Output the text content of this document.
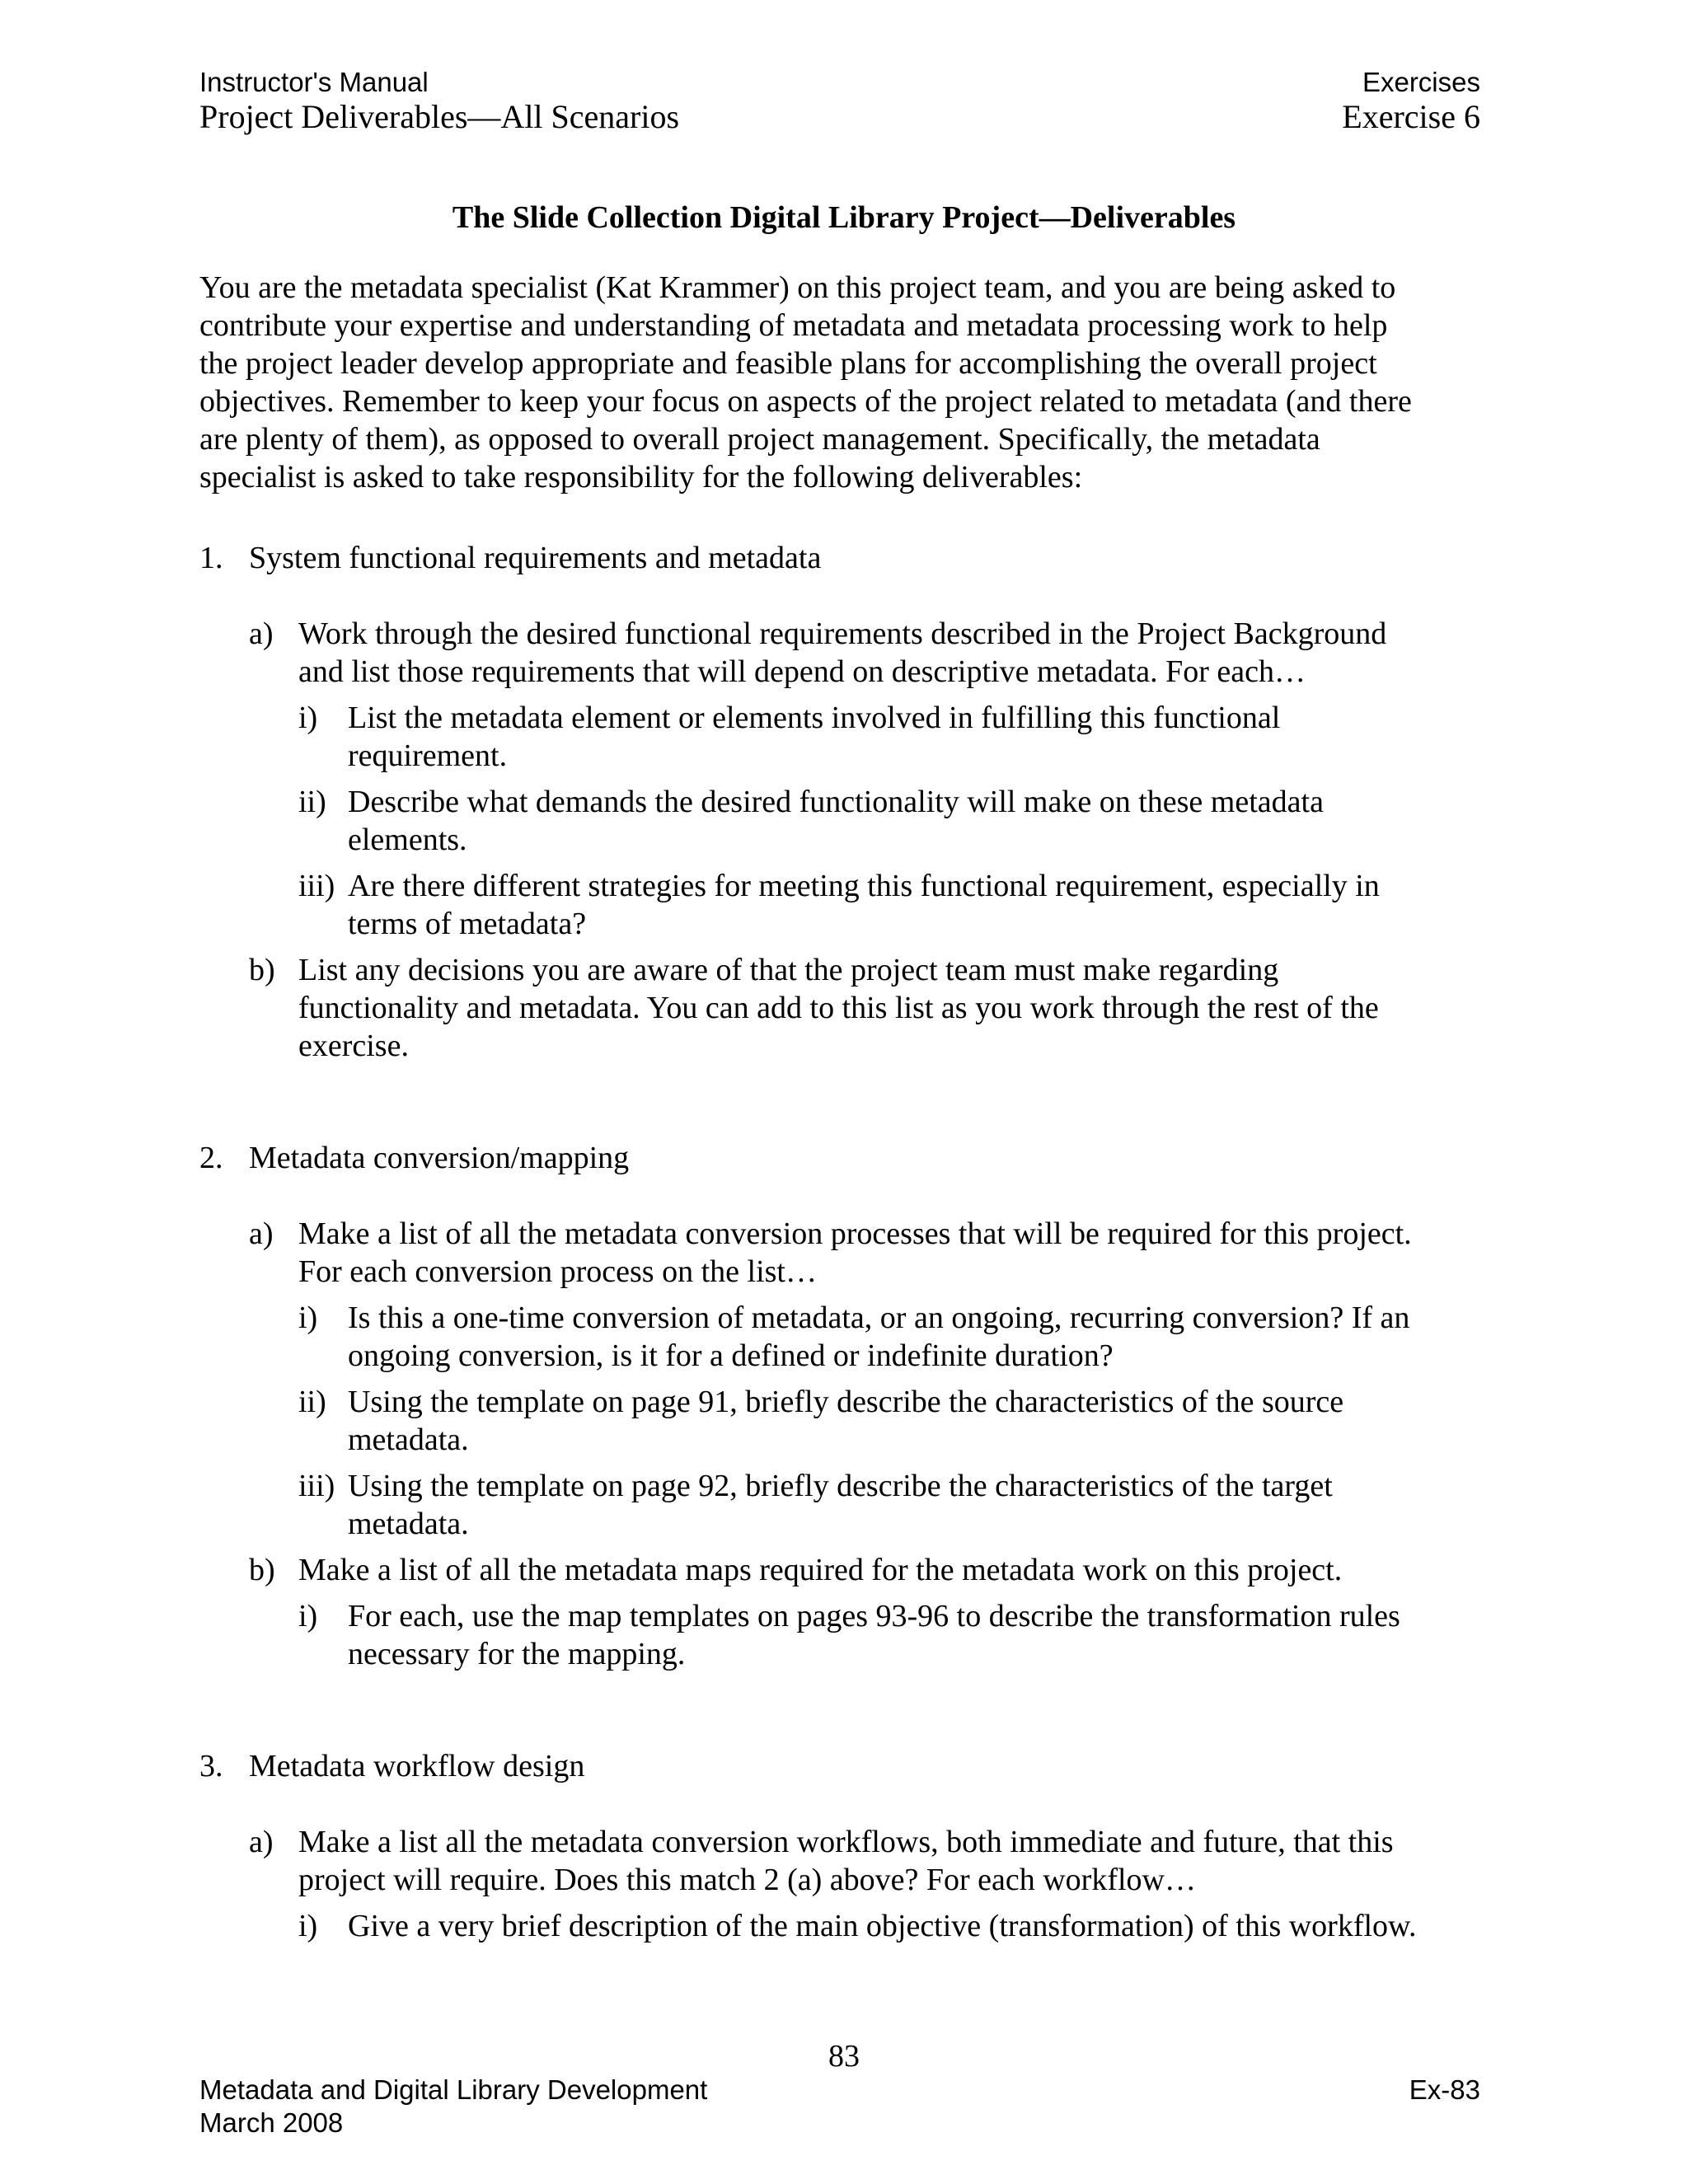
Instructor's Manual
Project Deliverables—All Scenarios
Exercises
Exercise 6
The Slide Collection Digital Library Project—Deliverables
You are the metadata specialist (Kat Krammer) on this project team, and you are being asked to
contribute your expertise and understanding of metadata and metadata processing work to help
the project leader develop appropriate and feasible plans for accomplishing the overall project
objectives. Remember to keep your focus on aspects of the project related to metadata (and there
are plenty of them), as opposed to overall project management. Specifically, the metadata
specialist is asked to take responsibility for the following deliverables:
1. System functional requirements and metadata
a) Work through the desired functional requirements described in the Project Background
and list those requirements that will depend on descriptive metadata. For each…
i) List the metadata element or elements involved in fulfilling this functional
requirement.
ii) Describe what demands the desired functionality will make on these metadata
elements.
iii) Are there different strategies for meeting this functional requirement, especially in
terms of metadata?
b) List any decisions you are aware of that the project team must make regarding
functionality and metadata. You can add to this list as you work through the rest of the
exercise.
2. Metadata conversion/mapping
a) Make a list of all the metadata conversion processes that will be required for this project.
For each conversion process on the list…
i) Is this a one-time conversion of metadata, or an ongoing, recurring conversion? If an
ongoing conversion, is it for a defined or indefinite duration?
ii) Using the template on page 91, briefly describe the characteristics of the source
metadata.
iii) Using the template on page 92, briefly describe the characteristics of the target
metadata.
b) Make a list of all the metadata maps required for the metadata work on this project.
i) For each, use the map templates on pages 93-96 to describe the transformation rules
necessary for the mapping.
3. Metadata workflow design
a) Make a list all the metadata conversion workflows, both immediate and future, that this
project will require. Does this match 2 (a) above? For each workflow…
i) Give a very brief description of the main objective (transformation) of this workflow.
83
Metadata and Digital Library Development
March 2008
Ex-83
